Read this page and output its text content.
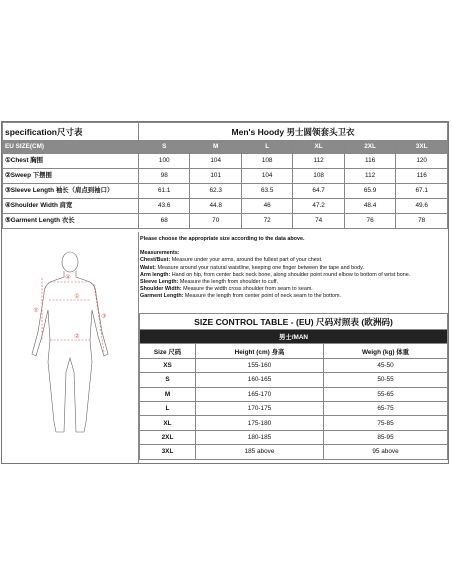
specification尺寸表	Men's Hoody 男士圆领套头卫衣					
EU SIZE(CM)	S	M	L	XL	2XL	3XL
①Chest 胸围	100	104	108	112	116	120
②Sweep 下摆围	98	101	104	108	112	116
③Sleeve Length 袖长（肩点到袖口）	61.1	62.3	63.5	64.7	65.9	67.1
④Shoulder Width 肩宽	43.6	44.8	46	47.2	48.4	49.6
⑤Garment Length 衣长	68	70	72	74	76	78
④
①
③
⑤
②
Please choose the appropriate size according to the data above.
Measurements:
Chest/Bust: Measure under your arms, around the fullest part of your chest.
Waist: Measure around your natural waistline, keeping one finger between the tape and body.
Arm length: Hand on hip, from center back neck bone, along shoulder point round elbow to bottom of wrist bone.
Sleeve Length: Measure the length from shoulder to cuff.
Shoulder Width: Measure the width cross shoulder from seam to seam.
Garment Length: Measure the length from center point of neck seam to the bottom.
SIZE CONTROL TABLE - (EU) 尺码对照表 (欧洲码)		
男士/MAN		
Size 尺码	Height (cm) 身高	Weigh (kg) 体重
XS	155-160	45-50
S	160-165	50-55
M	165-170	55-65
L	170-175	65-75
XL	175-180	75-85
2XL	180-185	85-95
3XL	185 above	95 above
